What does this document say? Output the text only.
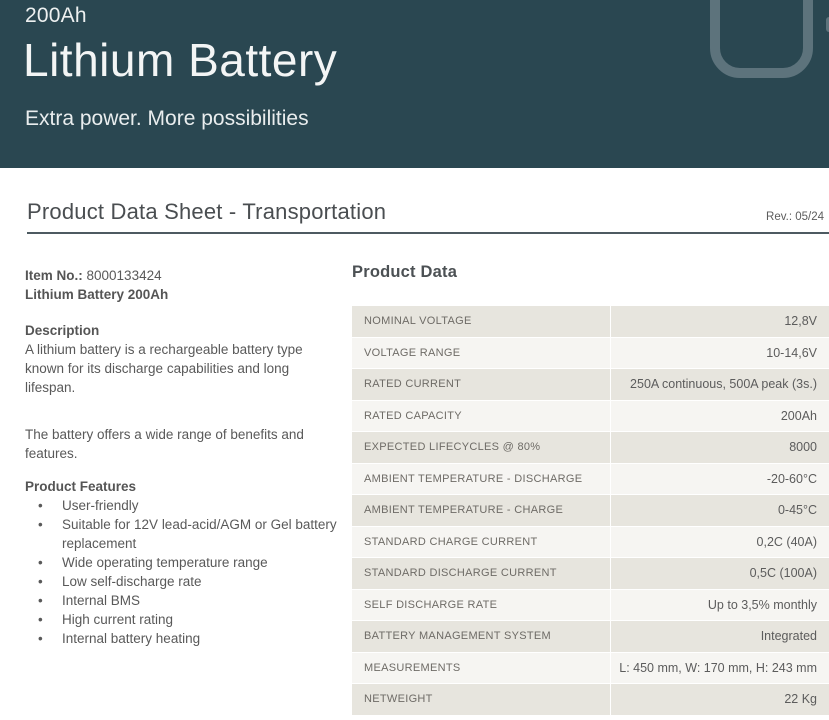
200Ah
Lithium Battery
Extra power. More possibilities
Product Data Sheet - Transportation	Rev.: 05/24
Item No.: 8000133424
Lithium Battery 200Ah
Description
A lithium battery is a rechargeable battery type known for its discharge capabilities and long lifespan.
The battery offers a wide range of benefits and features.
Product Features
• User-friendly
• Suitable for 12V lead-acid/AGM or Gel battery replacement
• Wide operating temperature range
• Low self-discharge rate
• Internal BMS
• High current rating
• Internal battery heating
Product Data
NOMINAL VOLTAGE	12,8V
VOLTAGE RANGE	10-14,6V
RATED CURRENT	250A continuous, 500A peak (3s.)
RATED CAPACITY	200Ah
EXPECTED LIFECYCLES @ 80%	8000
AMBIENT TEMPERATURE - DISCHARGE	-20-60°C
AMBIENT TEMPERATURE - CHARGE	0-45°C
STANDARD CHARGE CURRENT	0,2C (40A)
STANDARD DISCHARGE CURRENT	0,5C (100A)
SELF DISCHARGE RATE	Up to 3,5% monthly
BATTERY MANAGEMENT SYSTEM	Integrated
MEASUREMENTS	L: 450 mm, W: 170 mm, H: 243 mm
NETWEIGHT	22 Kg
